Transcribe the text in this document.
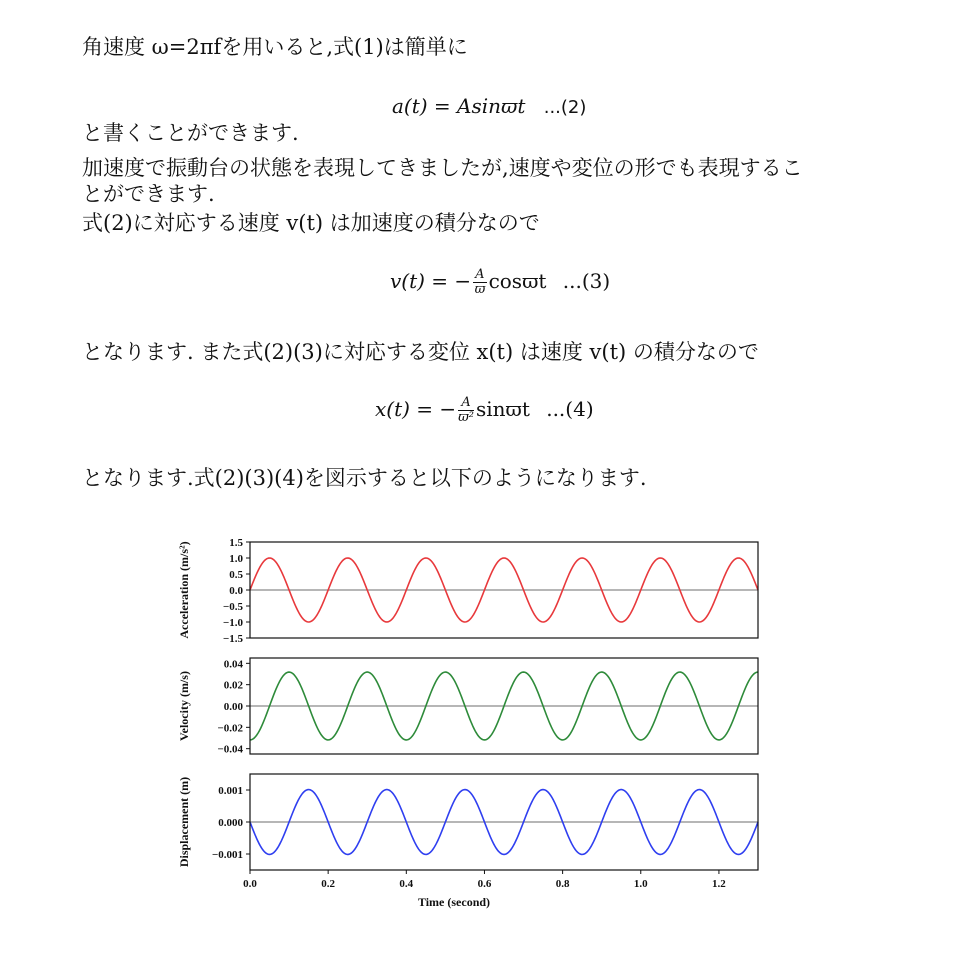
角速度 ω=2πfを用いると,式(1)は簡単に
a(t) = Asinϖt ...(2)
と書くことができます.
加速度で振動台の状態を表現してきましたが,速度や変位の形でも表現するこ
とができます.
式(2)に対応する速度 v(t) は加速度の積分なので
v(t) = − $\frac{A}{ϖ}$ cosϖt ...(3)
となります. また式(2)(3)に対応する変位 x(t) は速度 v(t) の積分なので
x(t) = − $\frac{A}{\text{ϖ²}}$ sinϖt ...(4)
となります.式(2)(3)(4)を図示すると以下のようになります.
1.5
1.0
0.5
0.0
−0.5
−1.0
−1.5
Acceleration (m/s²)
0.04
0.02
0.00
−0.02
−0.04
Velocity (m/s)
0.001
0.000
−0.001
Displacement (m)
0.0	0.2	0.4	0.6	0.8	1.0	1.2
Time (second)
